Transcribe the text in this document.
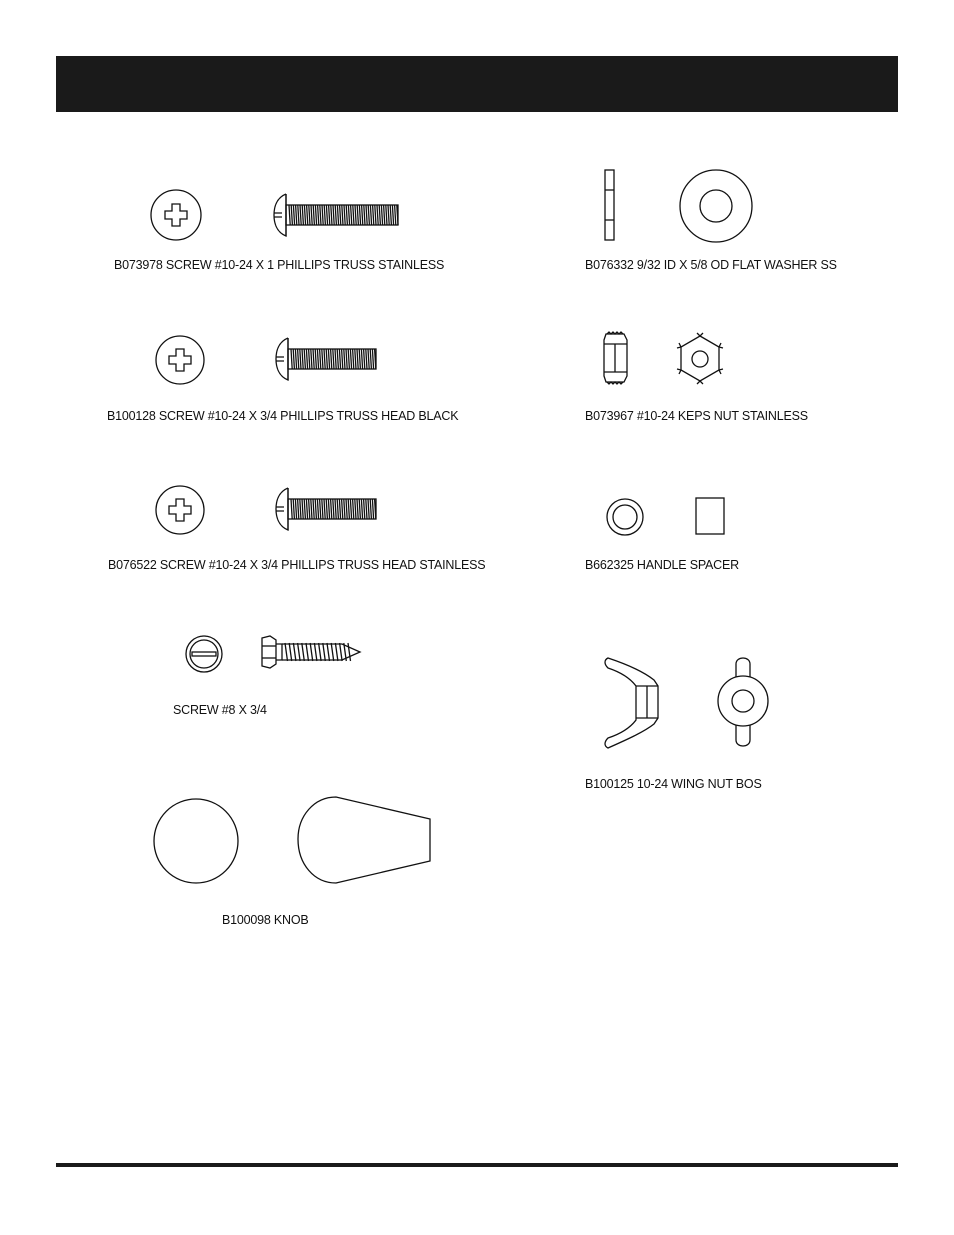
B073978 SCREW #10-24 X 1 PHILLIPS TRUSS STAINLESS
B100128 SCREW #10-24 X 3/4 PHILLIPS TRUSS HEAD BLACK
B076522 SCREW #10-24 X 3/4 PHILLIPS TRUSS HEAD STAINLESS
SCREW #8 X 3/4
B100098 KNOB
B076332 9/32 ID X 5/8 OD FLAT WASHER SS
B073967 #10-24 KEPS NUT STAINLESS
B662325 HANDLE SPACER
B100125 10-24 WING NUT BOS
